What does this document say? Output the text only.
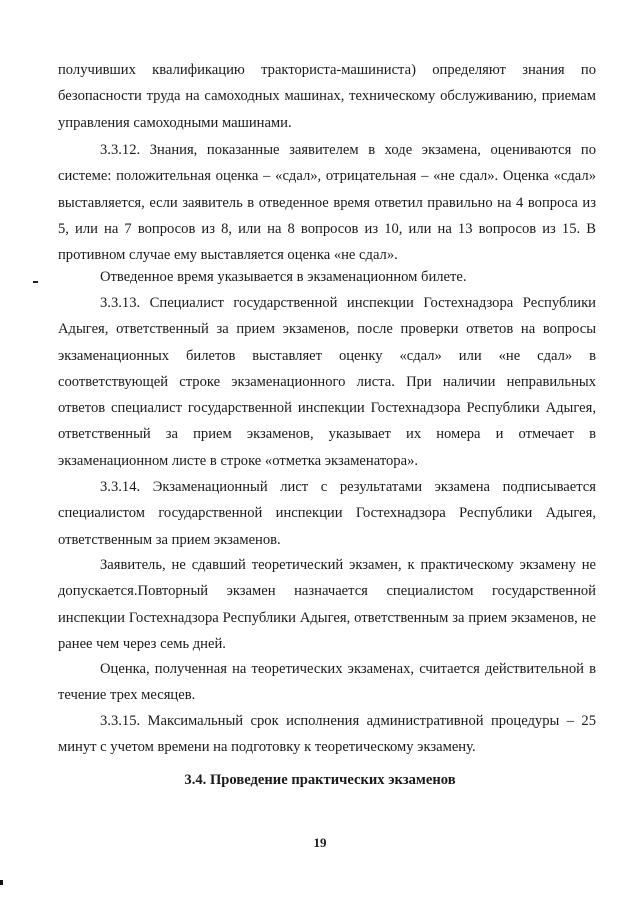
получивших квалификацию тракториста-машиниста) определяют знания по безопасности труда на самоходных машинах, техническому обслуживанию, приемам управления самоходными машинами.

3.3.12. Знания, показанные заявителем в ходе экзамена, оцениваются по системе: положительная оценка – «сдал», отрицательная – «не сдал». Оценка «сдал» выставляется, если заявитель в отведенное время ответил правильно на 4 вопроса из 5, или на 7 вопросов из 8, или на 8 вопросов из 10, или на 13 вопросов из 15. В противном случае ему выставляется оценка «не сдал».

Отведенное время указывается в экзаменационном билете.

3.3.13. Специалист государственной инспекции Гостехнадзора Республики Адыгея, ответственный за прием экзаменов, после проверки ответов на вопросы экзаменационных билетов выставляет оценку «сдал» или «не сдал» в соответствующей строке экзаменационного листа. При наличии неправильных ответов специалист государственной инспекции Гостехнадзора Республики Адыгея, ответственный за прием экзаменов, указывает их номера и отмечает в экзаменационном листе в строке «отметка экзаменатора».

3.3.14. Экзаменационный лист с результатами экзамена подписывается специалистом государственной инспекции Гостехнадзора Республики Адыгея, ответственным за прием экзаменов.

Заявитель, не сдавший теоретический экзамен, к практическому экзамену не допускается.Повторный экзамен назначается специалистом государственной инспекции Гостехнадзора Республики Адыгея, ответственным за прием экзаменов, не ранее чем через семь дней.

Оценка, полученная на теоретических экзаменах, считается действительной в течение трех месяцев.

3.3.15. Максимальный срок исполнения административной процедуры – 25 минут с учетом времени на подготовку к теоретическому экзамену.

3.4. Проведение практических экзаменов
19
